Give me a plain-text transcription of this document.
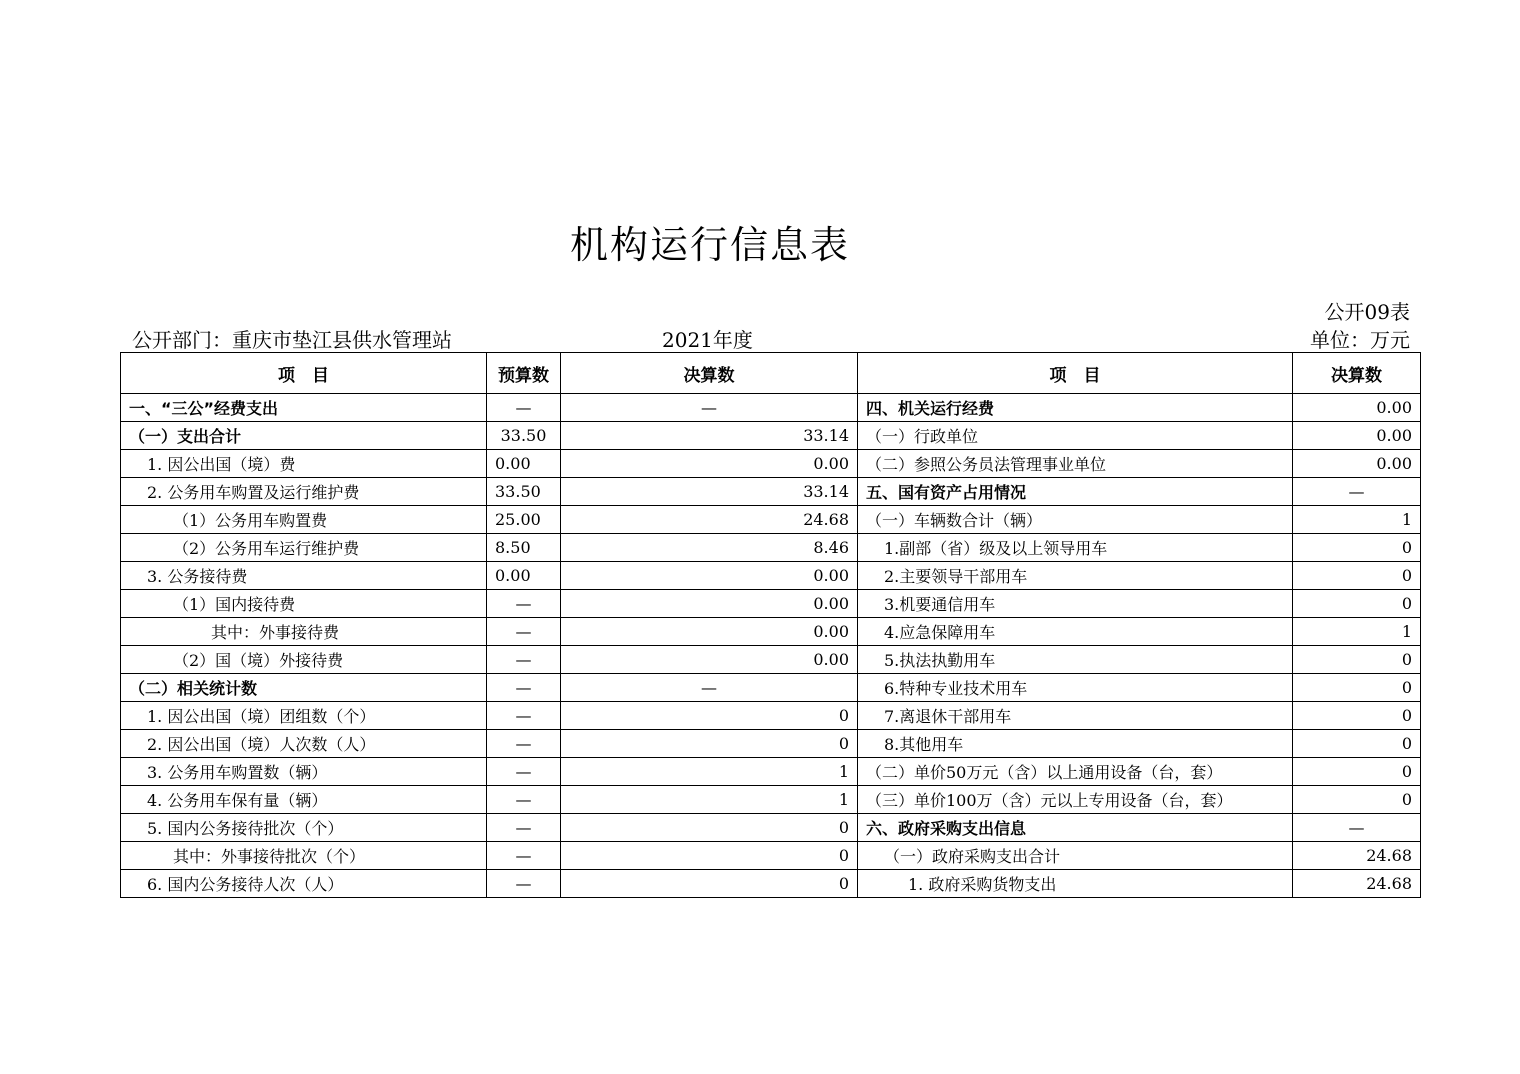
机构运行信息表
公开09表
公开部门：重庆市垫江县供水管理站	2021年度	单位：万元
项　目	预算数	决算数	项　目	决算数
一、“三公”经费支出	—	—	四、机关运行经费	0.00
（一）支出合计	33.50	33.14	（一）行政单位	0.00
1. 因公出国（境）费	0.00	0.00	（二）参照公务员法管理事业单位	0.00
2. 公务用车购置及运行维护费	33.50	33.14	五、国有资产占用情况	—
（1）公务用车购置费	25.00	24.68	（一）车辆数合计（辆）	1
（2）公务用车运行维护费	8.50	8.46	1.副部（省）级及以上领导用车	0
3. 公务接待费	0.00	0.00	2.主要领导干部用车	0
（1）国内接待费	—	0.00	3.机要通信用车	0
其中：外事接待费	—	0.00	4.应急保障用车	1
（2）国（境）外接待费	—	0.00	5.执法执勤用车	0
（二）相关统计数	—	—	6.特种专业技术用车	0
1. 因公出国（境）团组数（个）	—	0	7.离退休干部用车	0
2. 因公出国（境）人次数（人）	—	0	8.其他用车	0
3. 公务用车购置数（辆）	—	1	（二）单价50万元（含）以上通用设备（台，套）	0
4. 公务用车保有量（辆）	—	1	（三）单价100万（含）元以上专用设备（台，套）	0
5. 国内公务接待批次（个）	—	0	六、政府采购支出信息	—
其中：外事接待批次（个）	—	0	（一）政府采购支出合计	24.68
6. 国内公务接待人次（人）	—	0	1. 政府采购货物支出	24.68
